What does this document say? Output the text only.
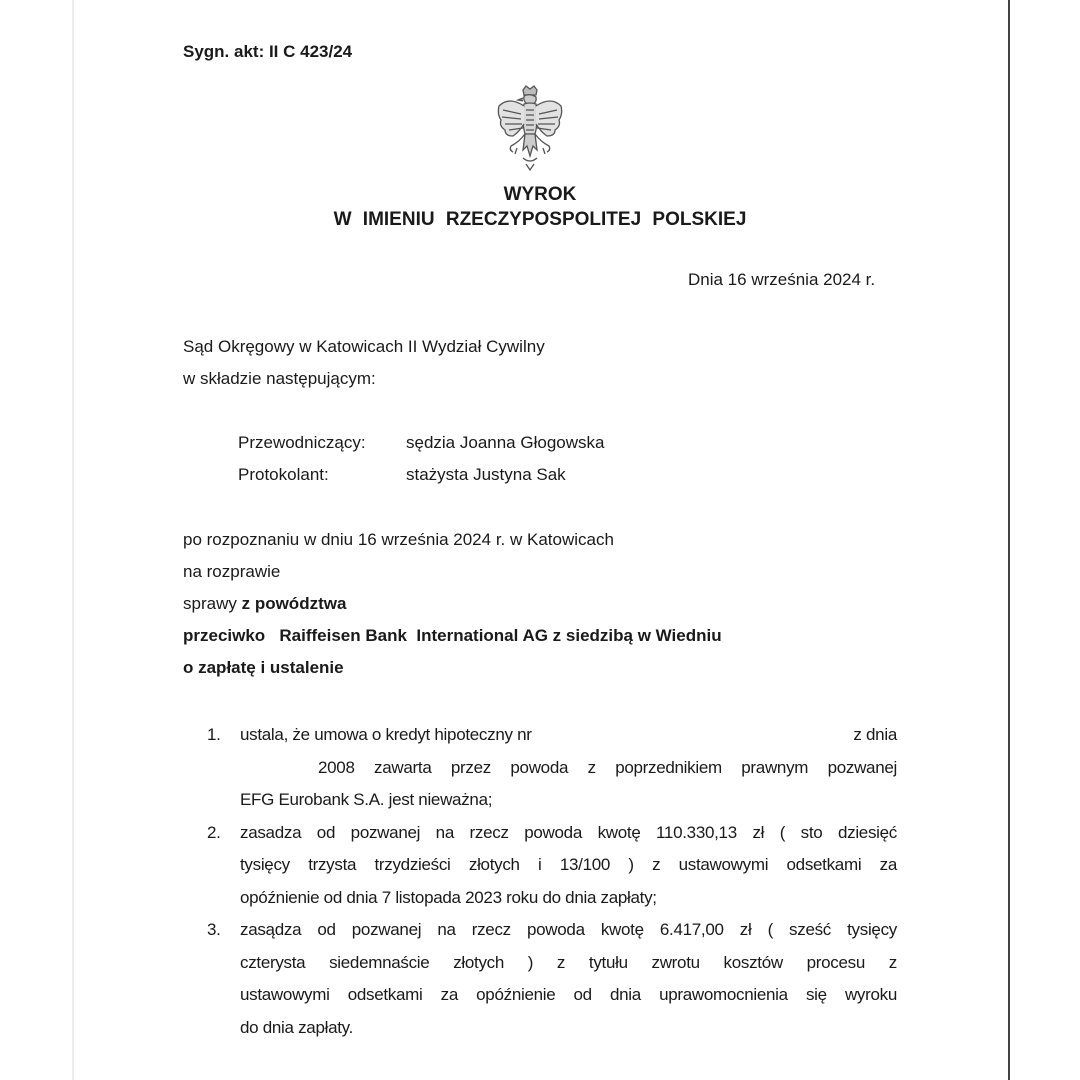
Sygn. akt: II C 423/24
WYROK
W IMIENIU RZECZYPOSPOLITEJ POLSKIEJ
Dnia 16 września 2024 r.
Sąd Okręgowy w Katowicach II Wydział Cywilny
w składzie następującym:
Przewodniczący:	sędzia Joanna Głogowska
Protokolant:	stażysta Justyna Sak
po rozpoznaniu w dniu 16 września 2024 r. w Katowicach
na rozprawie
sprawy z powództwa
przeciwko   Raiffeisen Bank  International AG z siedzibą w Wiedniu
o zapłatę i ustalenie
1.	ustala, że umowa o kredyt hipoteczny nr	z dnia
2008 zawarta przez powoda z poprzednikiem prawnym pozwanej
EFG Eurobank S.A. jest nieważna;
2.	zasadza od pozwanej na rzecz powoda kwotę 110.330,13 zł ( sto dziesięć
tysięcy trzysta trzydzieści złotych i 13/100 ) z ustawowymi odsetkami za
opóźnienie od dnia 7 listopada 2023 roku do dnia zapłaty;
3.	zasądza od pozwanej na rzecz powoda kwotę 6.417,00 zł ( sześć tysięcy
czterysta siedemnaście złotych ) z tytułu zwrotu kosztów procesu z
ustawowymi odsetkami za opóźnienie od dnia uprawomocnienia się wyroku
do dnia zapłaty.
